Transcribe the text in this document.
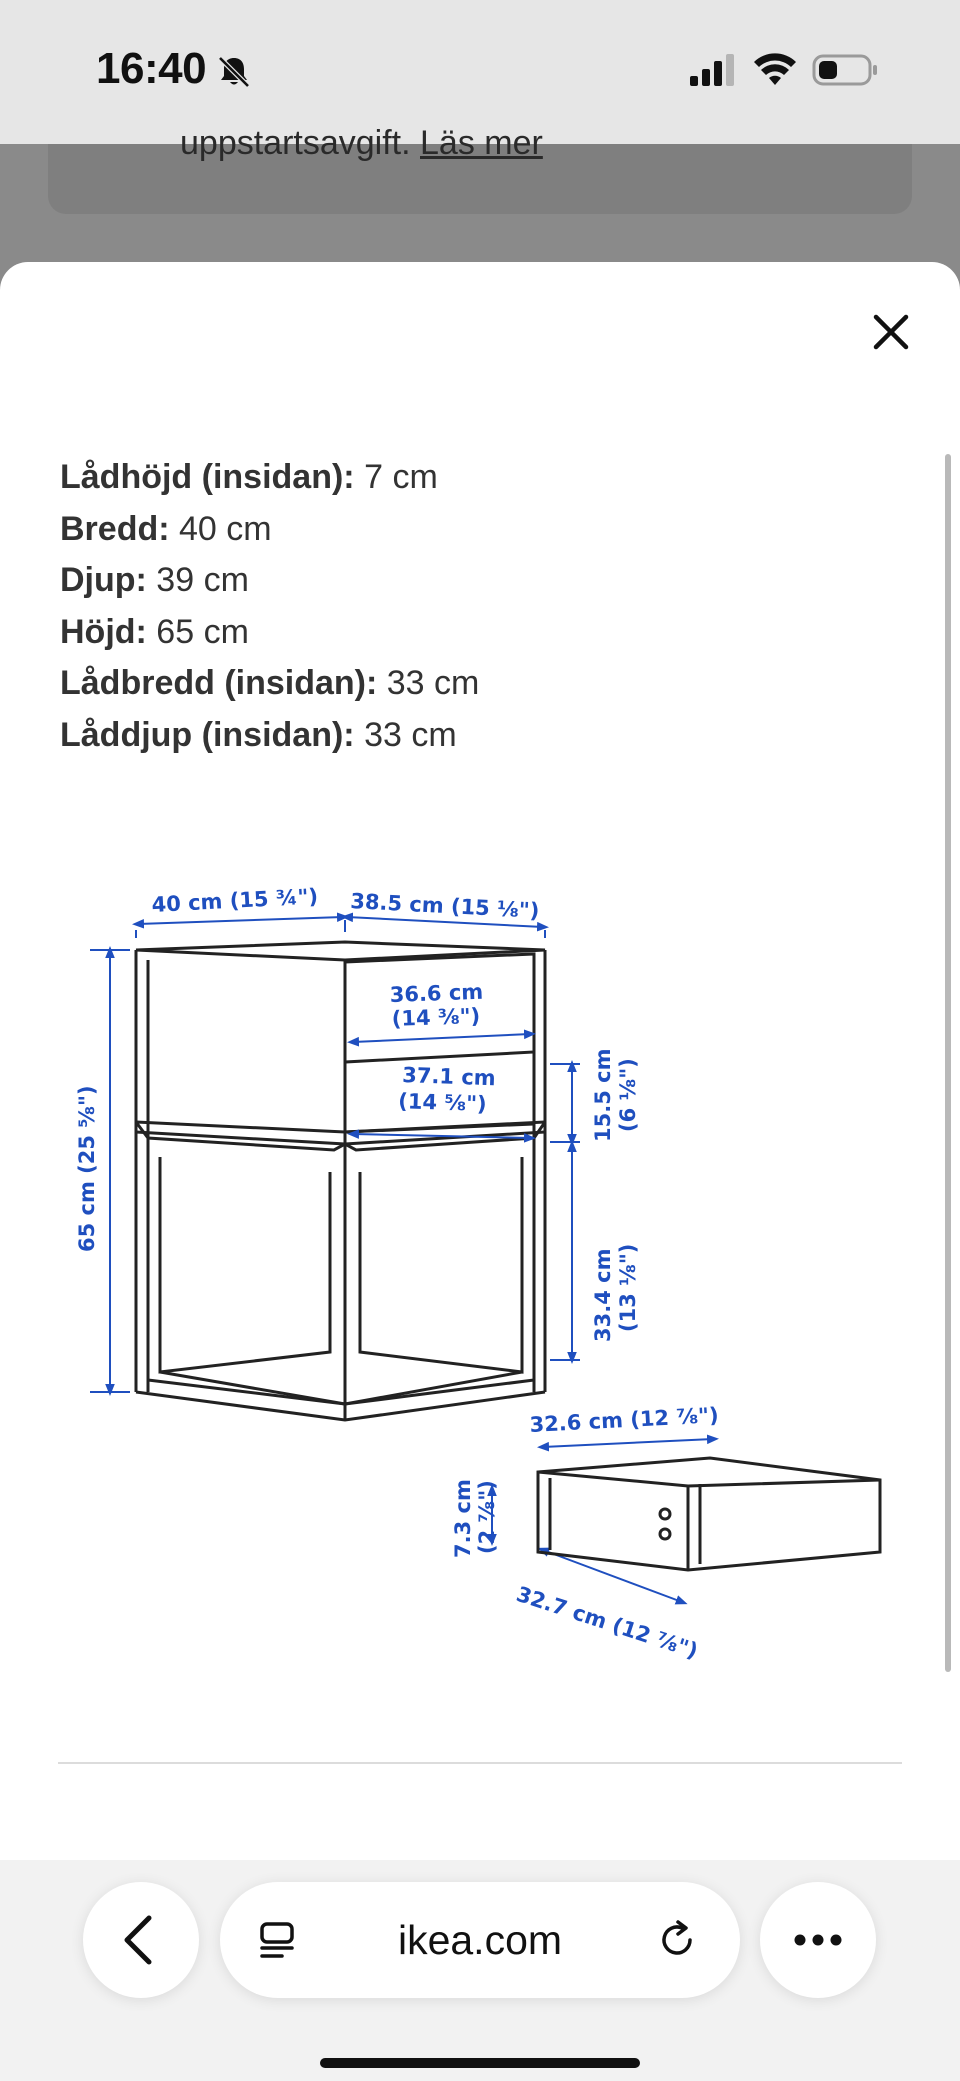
16:40
uppstartsavgift. Läs mer
Lådhöjd (insidan): 7 cm
Bredd: 40 cm
Djup: 39 cm
Höjd: 65 cm
Lådbredd (insidan): 33 cm
Låddjup (insidan): 33 cm
40 cm (15 ¾") 38.5 cm (15 ⅛")
36.6 cm
(14 ⅜")
37.1 cm
(14 ⅝")	15.5 cm (6 ⅛")
33.4 cm (13 ⅛")
65 cm (25 ⅝")
32.6 cm (12 ⅞")
7.3 cm (2 ⅞")
32.7 cm (12 ⅞")
ikea.com
